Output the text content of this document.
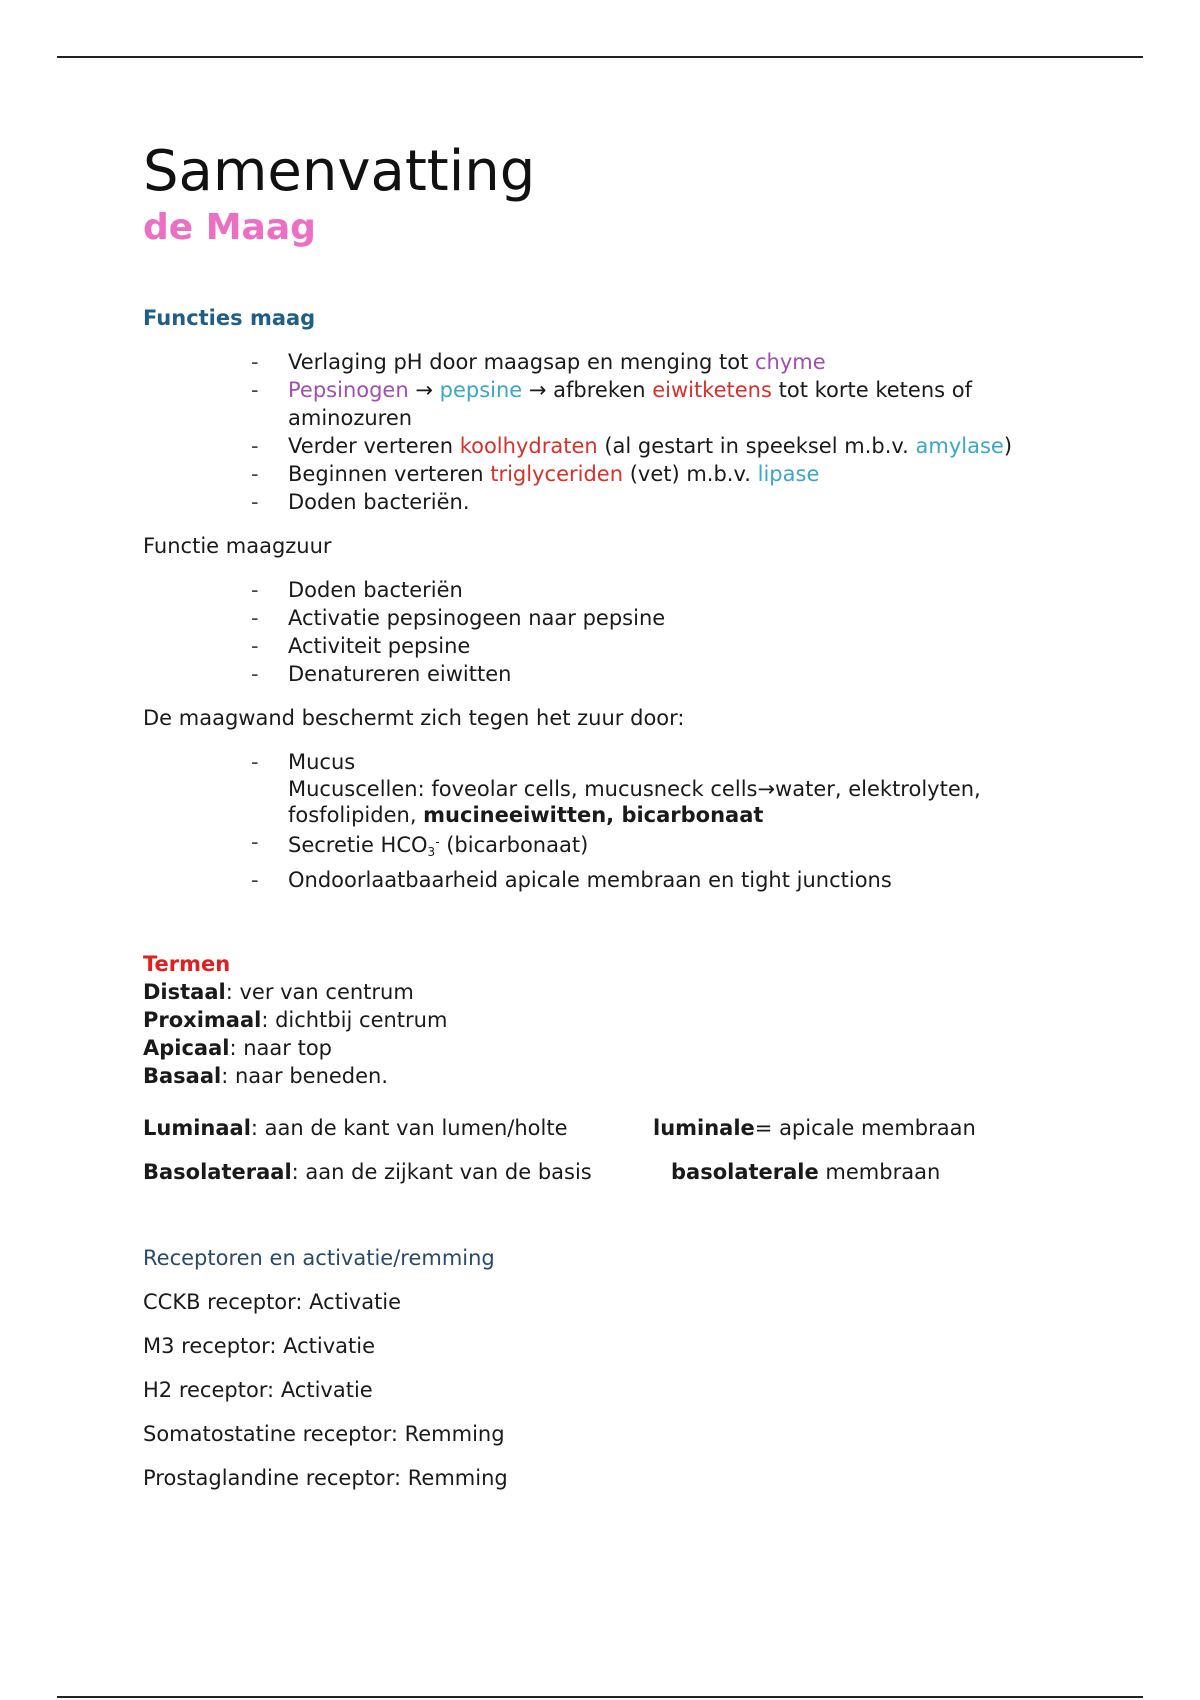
Samenvatting
de Maag
Functies maag
- Verlaging pH door maagsap en menging tot chyme
- Pepsinogen → pepsine → afbreken eiwitketens tot korte ketens of aminozuren
- Verder verteren koolhydraten (al gestart in speeksel m.b.v. amylase)
- Beginnen verteren triglyceriden (vet) m.b.v. lipase
- Doden bacteriën.

Functie maagzuur

- Doden bacteriën
- Activatie pepsinogeen naar pepsine
- Activiteit pepsine
- Denatureren eiwitten

De maagwand beschermt zich tegen het zuur door:

- Mucus
Mucuscellen: foveolar cells, mucusneck cells→water, elektrolyten, fosfolipiden, mucineeiwitten, bicarbonaat
- Secretie HCO3- (bicarbonaat)
- Ondoorlaatbaarheid apicale membraan en tight junctions

Termen

Distaal: ver van centrum

Proximaal: dichtbij centrum

Apicaal: naar top

Basaal: naar beneden.

Luminaal: aan de kant van lumen/holte	luminale= apicale membraan
Basolateraal: aan de zijkant van de basis	basolaterale membraan

Receptoren en activatie/remming

CCKB receptor: Activatie

M3 receptor: Activatie

H2 receptor: Activatie

Somatostatine receptor: Remming

Prostaglandine receptor: Remming
